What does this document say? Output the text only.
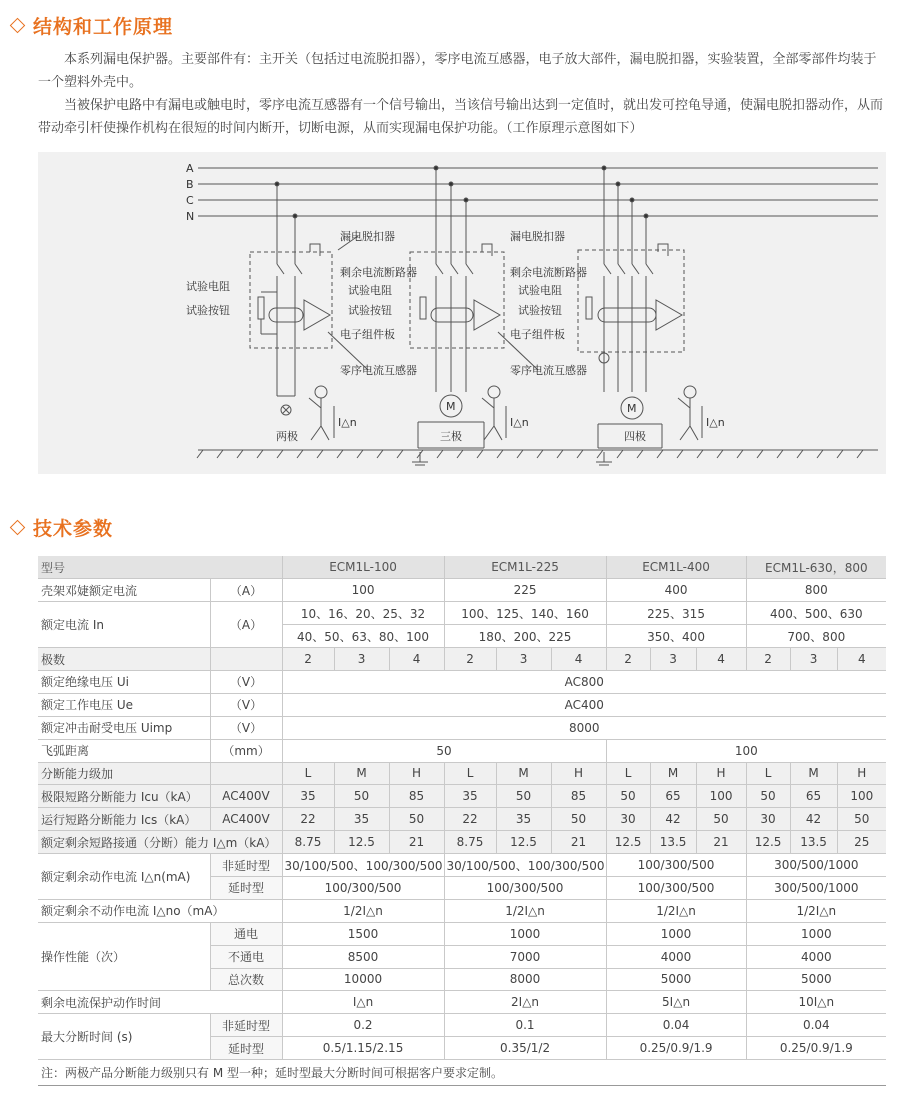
结构和工作原理

本系列漏电保护器。主要部件有：主开关（包括过电流脱扣器），零序电流互感器，电子放大部件，漏电脱扣器，实验装置，全部零部件均装于一个塑料外壳中。

当被保护电路中有漏电或触电时，零序电流互感器有一个信号输出，当该信号输出达到一定值时，就出发可控龟导通，使漏电脱扣器动作，从而带动牵引杆使操作机构在很短的时间内断开，切断电源，从而实现漏电保护功能。（工作原理示意图如下）

A
B
C
N
漏电脱扣器	漏电脱扣器
剩余电流断路器	剩余电流断路器
试验电阻	试验电阻	试验电阻
试验按钮	试验按钮	试验按钮
电子组件板	电子组件板
零序电流互感器	零序电流互感器
两极	三极	四极
M	M
I△n	I△n	I△n
技术参数
型号		ECM1L-100			ECM1L-225			ECM1L-400			ECM1L-630，800		
壳架邓婕额定电流	（A）	100			225			400			800		
额定电流 In	（A）	10、16、20、25、32			100、125、140、160			225、315			400、500、630		
		40、50、63、80、100			180、200、225			350、400			700、800		
极数		2	3	4	2	3	4	2	3	4	2	3	4
额定绝缘电压 Ui	（V）	AC800											
额定工作电压 Ue	（V）	AC400											
额定冲击耐受电压 Uimp	（V）	8000											
飞弧距离	（mm）	50						100					
分断能力级加		L	M	H	L	M	H	L	M	H	L	M	H
极限短路分断能力 Icu（kA）	AC400V	35	50	85	35	50	85	50	65	100	50	65	100
运行短路分断能力 Ics（kA）	AC400V	22	35	50	22	35	50	30	42	50	30	42	50
额定剩余短路接通（分断）能力 I△m（kA）		8.75	12.5	21	8.75	12.5	21	12.5	13.5	21	12.5	13.5	25
额定剩余动作电流 I△n(mA)	非延时型	30/100/500、100/300/500			30/100/500、100/300/500			100/300/500			300/500/1000		
	延时型	100/300/500			100/300/500			100/300/500			300/500/1000		
额定剩余不动作电流 I△no（mA）		1/2I△n			1/2I△n			1/2I△n			1/2I△n		
操作性能（次）	通电	1500			1000			1000			1000		
	不通电	8500			7000			4000			4000		
	总次数	10000			8000			5000			5000		
剩余电流保护动作时间		I△n			2I△n			5I△n			10I△n		
最大分断时间 (s)	非延时型	0.2			0.1			0.04			0.04		
	延时型	0.5/1.15/2.15			0.35/1/2			0.25/0.9/1.9			0.25/0.9/1.9		
注：两极产品分断能力级别只有 M 型一种；延时型最大分断时间可根据客户要求定制。													
